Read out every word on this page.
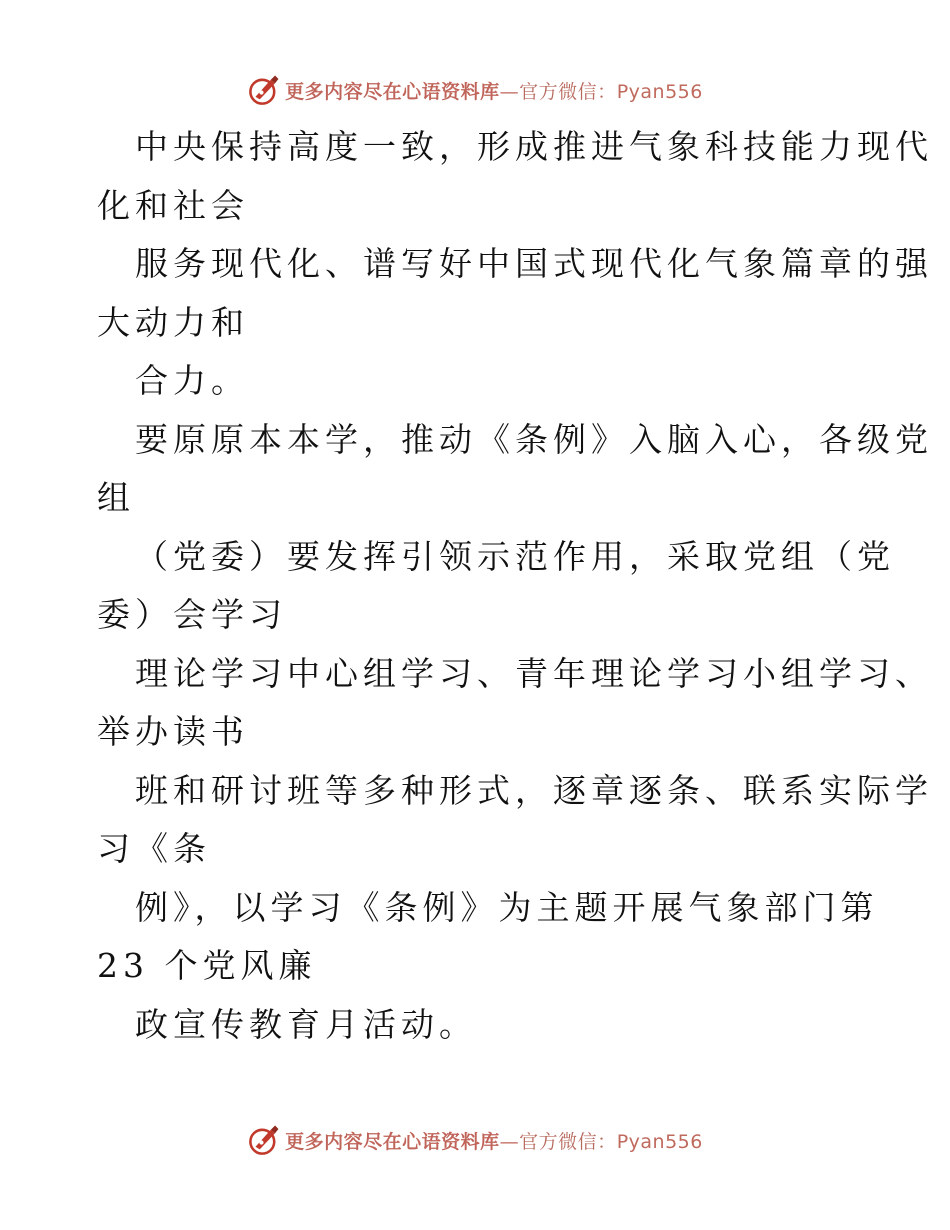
更多内容尽在心语资料库—官方微信：Pyan556
中央保持高度一致，形成推进气象科技能力现代
化和社会
服务现代化、谱写好中国式现代化气象篇章的强
大动力和
合力。
要原原本本学，推动《条例》入脑入心，各级党
组
（党委）要发挥引领示范作用，采取党组（党
委）会学习
理论学习中心组学习、青年理论学习小组学习、
举办读书
班和研讨班等多种形式，逐章逐条、联系实际学
习《条
例》，以学习《条例》为主题开展气象部门第
23 个党风廉
政宣传教育月活动。
更多内容尽在心语资料库—官方微信：Pyan556
